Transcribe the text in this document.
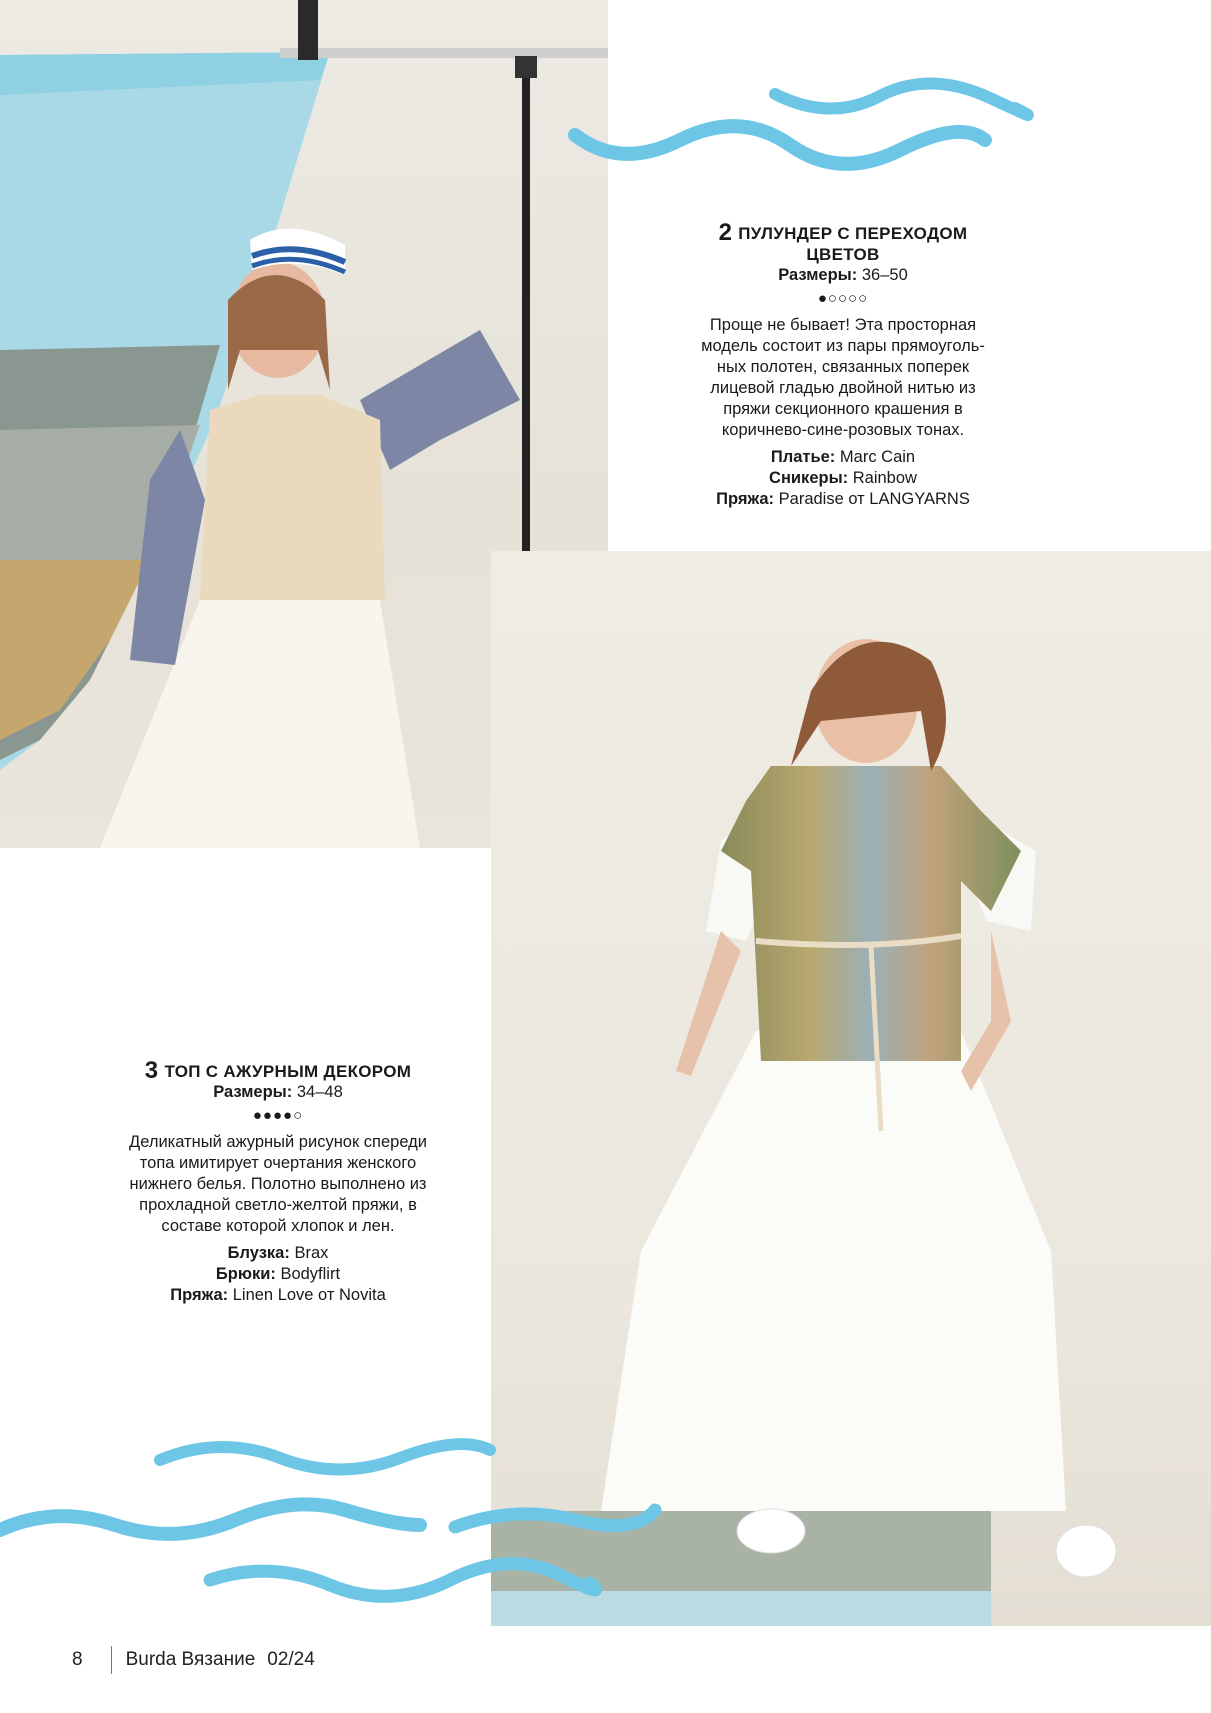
2 ПУЛУНДЕР С ПЕРЕХОДОМ ЦВЕТОВ
Размеры: 36–50
●○○○○
Проще не бывает! Эта просторная модель состоит из пары прямоуголь-ных полотен, связанных поперек лицевой гладью двойной нитью из пряжи секционного крашения в коричнево-сине-розовых тонах.
Платье: Marc Cain
Сникеры: Rainbow
Пряжа: Paradise от LANGYARNS
3 ТОП С АЖУРНЫМ ДЕКОРОМ
Размеры: 34–48
●●●●○
Деликатный ажурный рисунок спереди топа имитирует очертания женского нижнего белья. Полотно выполнено из прохладной светло-желтой пряжи, в составе которой хлопок и лен.
Блузка: Brax
Брюки: Bodyflirt
Пряжа: Linen Love от Novita
8 Burda Вязание 02/24
